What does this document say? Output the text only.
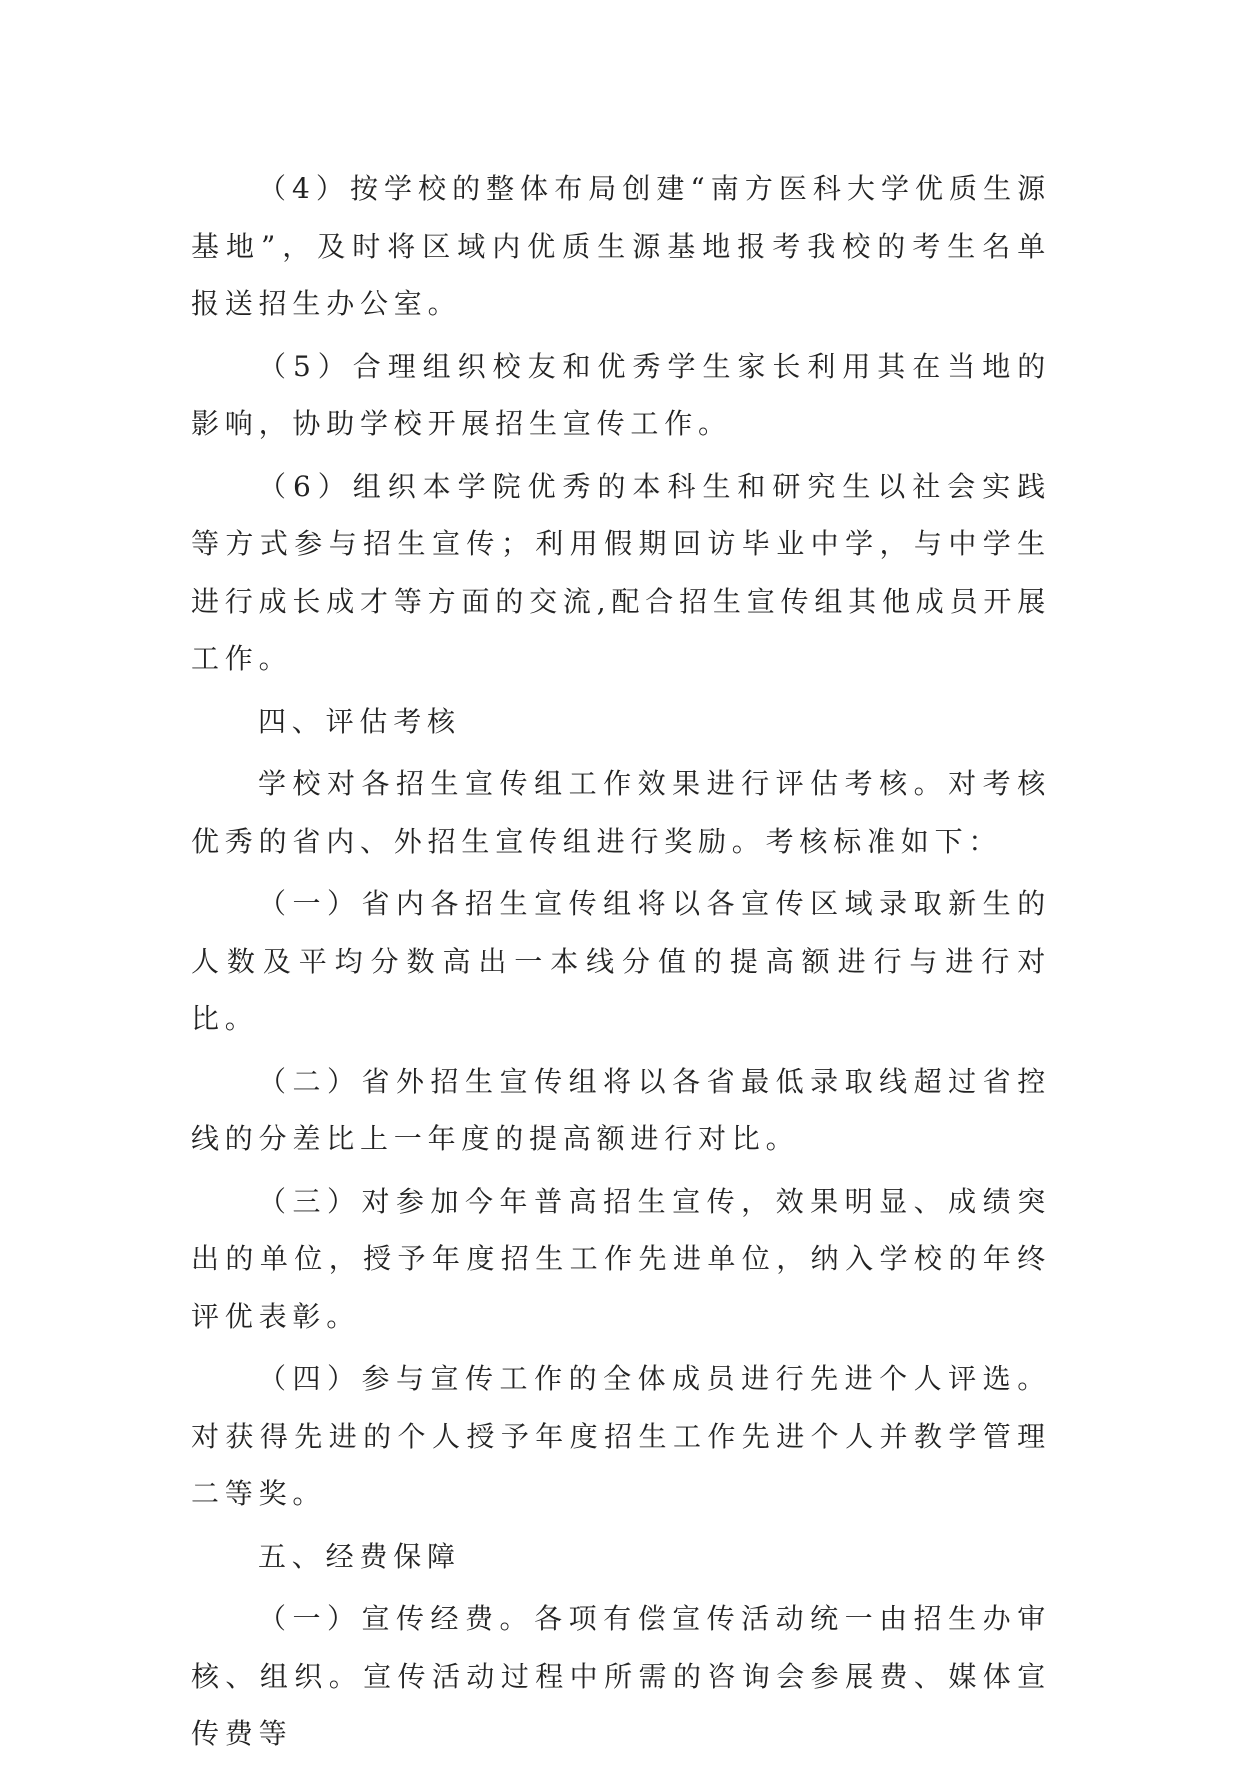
（4）按学校的整体布局创建“南方医科大学优质生源基地”，及时将区域内优质生源基地报考我校的考生名单报送招生办公室。

（5）合理组织校友和优秀学生家长利用其在当地的影响，协助学校开展招生宣传工作。

（6）组织本学院优秀的本科生和研究生以社会实践等方式参与招生宣传；利用假期回访毕业中学，与中学生进行成长成才等方面的交流,配合招生宣传组其他成员开展工作。

四、评估考核

学校对各招生宣传组工作效果进行评估考核。对考核优秀的省内、外招生宣传组进行奖励。考核标准如下：

（一）省内各招生宣传组将以各宣传区域录取新生的人数及平均分数高出一本线分值的提高额进行与进行对比。

（二）省外招生宣传组将以各省最低录取线超过省控线的分差比上一年度的提高额进行对比。

（三）对参加今年普高招生宣传，效果明显、成绩突出的单位，授予年度招生工作先进单位，纳入学校的年终评优表彰。

（四）参与宣传工作的全体成员进行先进个人评选。对获得先进的个人授予年度招生工作先进个人并教学管理二等奖。

五、经费保障

（一）宣传经费。各项有偿宣传活动统一由招生办审核、组织。宣传活动过程中所需的咨询会参展费、媒体宣传费等
